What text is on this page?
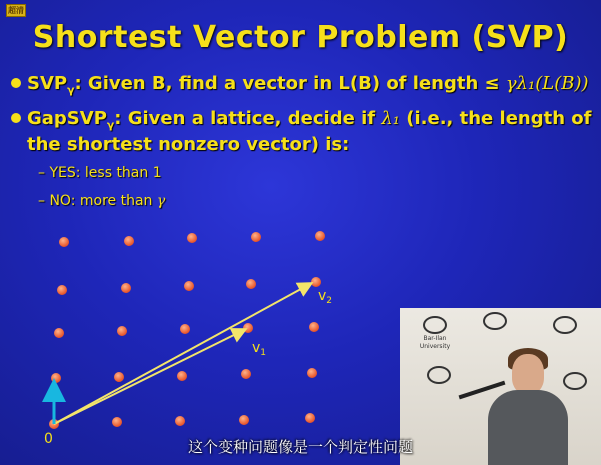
超清
Shortest Vector Problem (SVP)
$SVP_\gamma$: Given B, find a vector in L(B) of length ≤ γλ₁(L(B))
GapSVP$_\gamma$: Given a lattice, decide if λ₁ (i.e., the length of
the shortest nonzero vector) is:
– YES: less than 1
– NO: more than γ
0
$v_1$
$v_2$
Bar-Ilan University
这个变种问题像是一个判定性问题
